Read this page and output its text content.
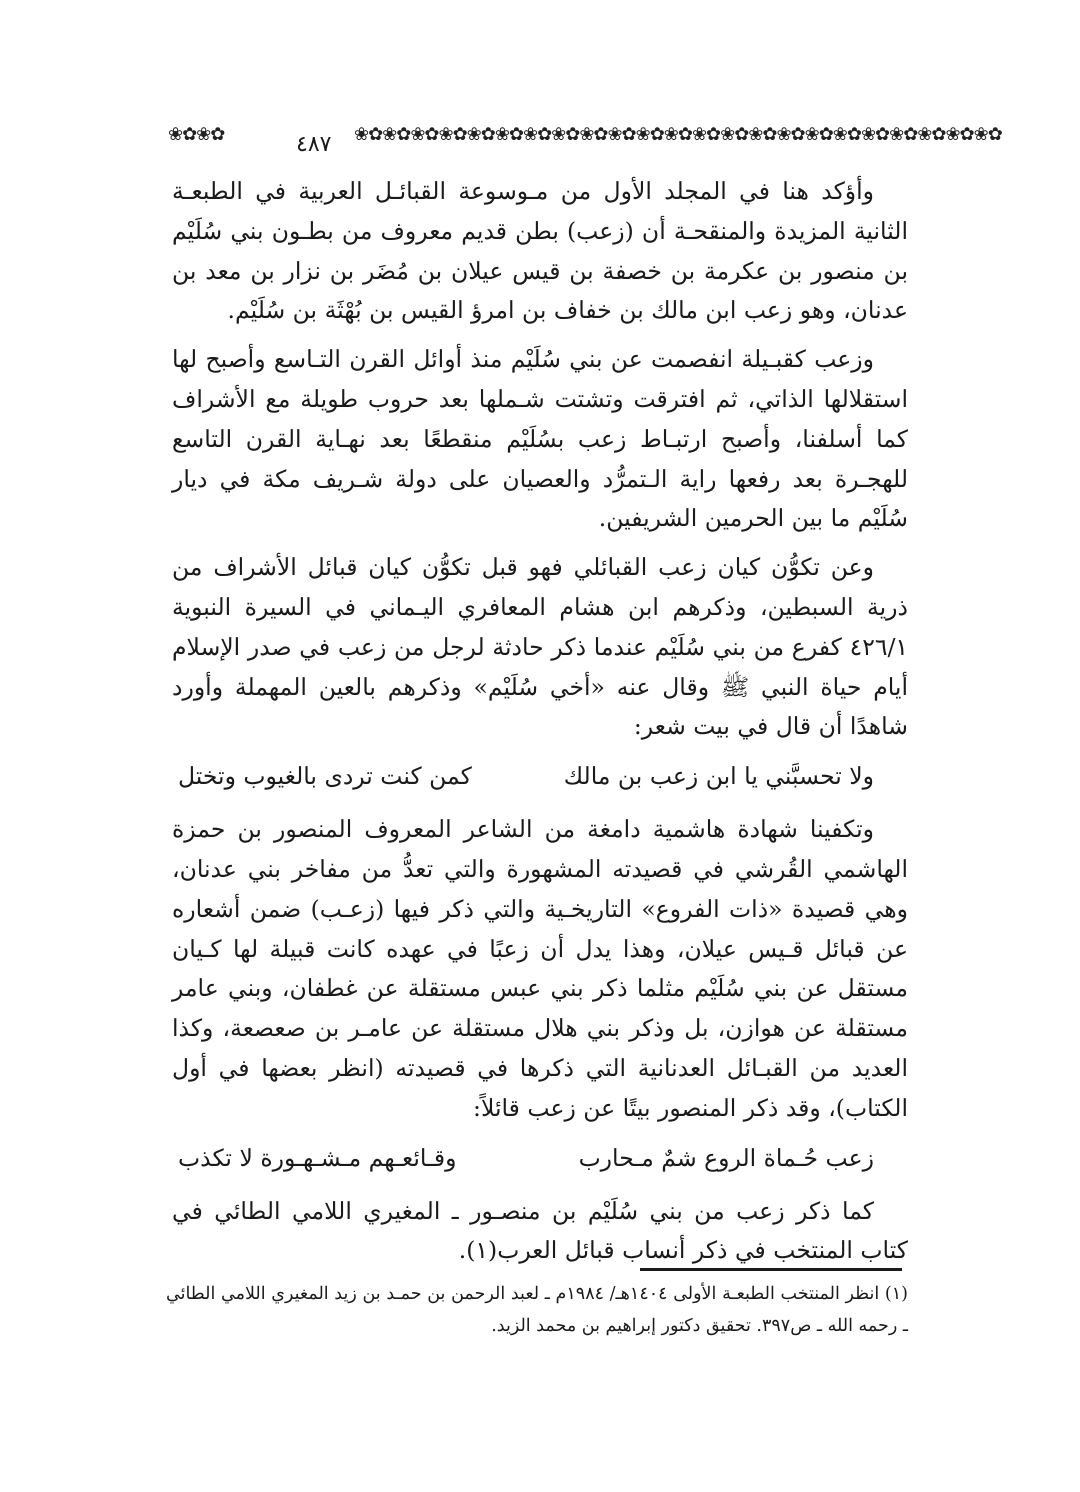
❀✿❀✿	٤٨٧ ❀✿❀✿❀✿❀✿❀✿❀✿❀✿❀✿❀✿❀✿❀✿❀✿❀✿❀✿❀✿❀✿❀✿❀✿❀✿❀✿❀✿❀✿❀✿

وأؤكد هنا في المجلد الأول من مـوسوعة القبائـل العربية في الطبعـة الثانية المزيدة والمنقحـة أن (زعب) بطن قديم معروف من بطـون بني سُلَيْم بن منصور بن عكرمة بن خصفة بن قيس عيلان بن مُضَر بن نزار بن معد بن عدنان، وهو زعب ابن مالك بن خفاف بن امرؤ القيس بن بُهْثَة بن سُلَيْم.

وزعب كقبـيلة انفصمت عن بني سُلَيْم منذ أوائل القرن التـاسع وأصبح لها استقلالها الذاتي، ثم افترقت وتشتت شـملها بعد حروب طويلة مع الأشراف كما أسلفنا، وأصبح ارتبـاط زعب بسُلَيْم منقطعًا بعد نهـاية القرن التاسع للهجـرة بعد رفعها راية الـتمرُّد والعصيان على دولة شـريف مكة في ديار سُلَيْم ما بين الحرمين الشريفين.

وعن تكوُّن كيان زعب القبائلي فهو قبل تكوُّن كيان قبائل الأشراف من ذرية السبطين، وذكرهم ابن هشام المعافري اليـماني في السيرة النبوية ٤٢٦/١ كفرع من بني سُلَيْم عندما ذكر حادثة لرجل من زعب في صدر الإسلام أيام حياة النبي ﷺ وقال عنه «أخي سُلَيْم» وذكرهم بالعين المهملة وأورد شاهدًا أن قال في بيت شعر:

ولا تحسبَّني يا ابن زعب بن مالك
كمن كنت تردى بالغيوب وتختل

وتكفينا شهادة هاشمية دامغة من الشاعر المعروف المنصور بن حمزة الهاشمي القُرشي في قصيدته المشهورة والتي تعدُّ من مفاخر بني عدنان، وهي قصيدة «ذات الفروع» التاريخـية والتي ذكر فيها (زعـب) ضمن أشعاره عن قبائل قـيس عيلان، وهذا يدل أن زعبًا في عهده كانت قبيلة لها كـيان مستقل عن بني سُلَيْم مثلما ذكر بني عبس مستقلة عن غطفان، وبني عامر مستقلة عن هوازن، بل وذكر بني هلال مستقلة عن عامـر بن صعصعة، وكذا العديد من القبـائل العدنانية التي ذكرها في قصيدته (انظر بعضها في أول الكتاب)، وقد ذكر المنصور بيتًا عن زعب قائلاً:

زعب حُـماة الروع شمٌ مـحارب
وقـائعـهم مـشـهـورة لا تكذب

كما ذكر زعب من بني سُلَيْم بن منصـور ـ المغيري اللامي الطائي في كتاب المنتخب في ذكر أنساب قبائل العرب(١).

(١) انظر المنتخب الطبعـة الأولى ١٤٠٤هـ/ ١٩٨٤م ـ لعبد الرحمن بن حمـد بن زيد المغيري اللامي الطائي ـ رحمه الله ـ ص٣٩٧. تحقيق دكتور إبراهيم بن محمد الزيد.
